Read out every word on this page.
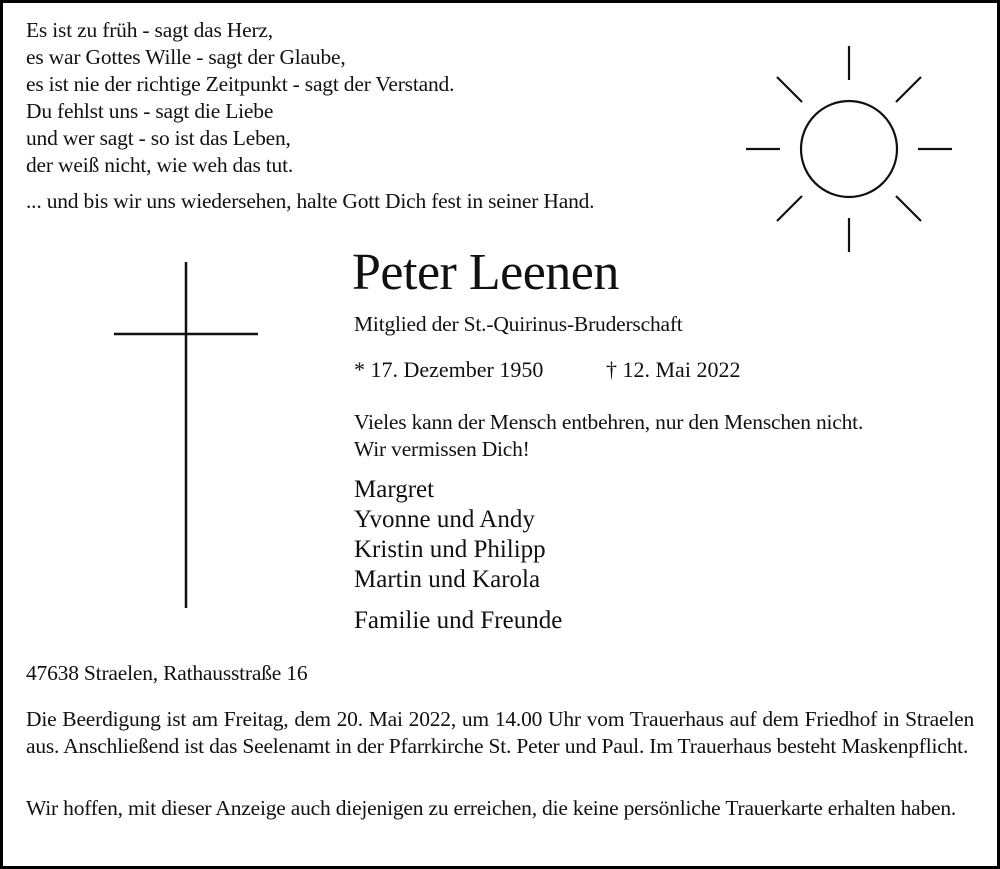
Es ist zu früh - sagt das Herz,
es war Gottes Wille - sagt der Glaube,
es ist nie der richtige Zeitpunkt - sagt der Verstand.
Du fehlst uns - sagt die Liebe
und wer sagt - so ist das Leben,
der weiß nicht, wie weh das tut.
... und bis wir uns wiedersehen, halte Gott Dich fest in seiner Hand.
Peter Leenen
Mitglied der St.-Quirinus-Bruderschaft
* 17. Dezember 1950	† 12. Mai 2022
Vieles kann der Mensch entbehren, nur den Menschen nicht.
Wir vermissen Dich!
Margret
Yvonne und Andy
Kristin und Philipp
Martin und Karola
Familie und Freunde
47638 Straelen, Rathausstraße 16
Die Beerdigung ist am Freitag, dem 20. Mai 2022, um 14.00 Uhr vom Trauerhaus auf dem Friedhof in Straelen aus. Anschließend ist das Seelenamt in der Pfarrkirche St. Peter und Paul. Im Trauerhaus besteht Maskenpflicht.
Wir hoffen, mit dieser Anzeige auch diejenigen zu erreichen, die keine persönliche Trauerkarte erhalten haben.
